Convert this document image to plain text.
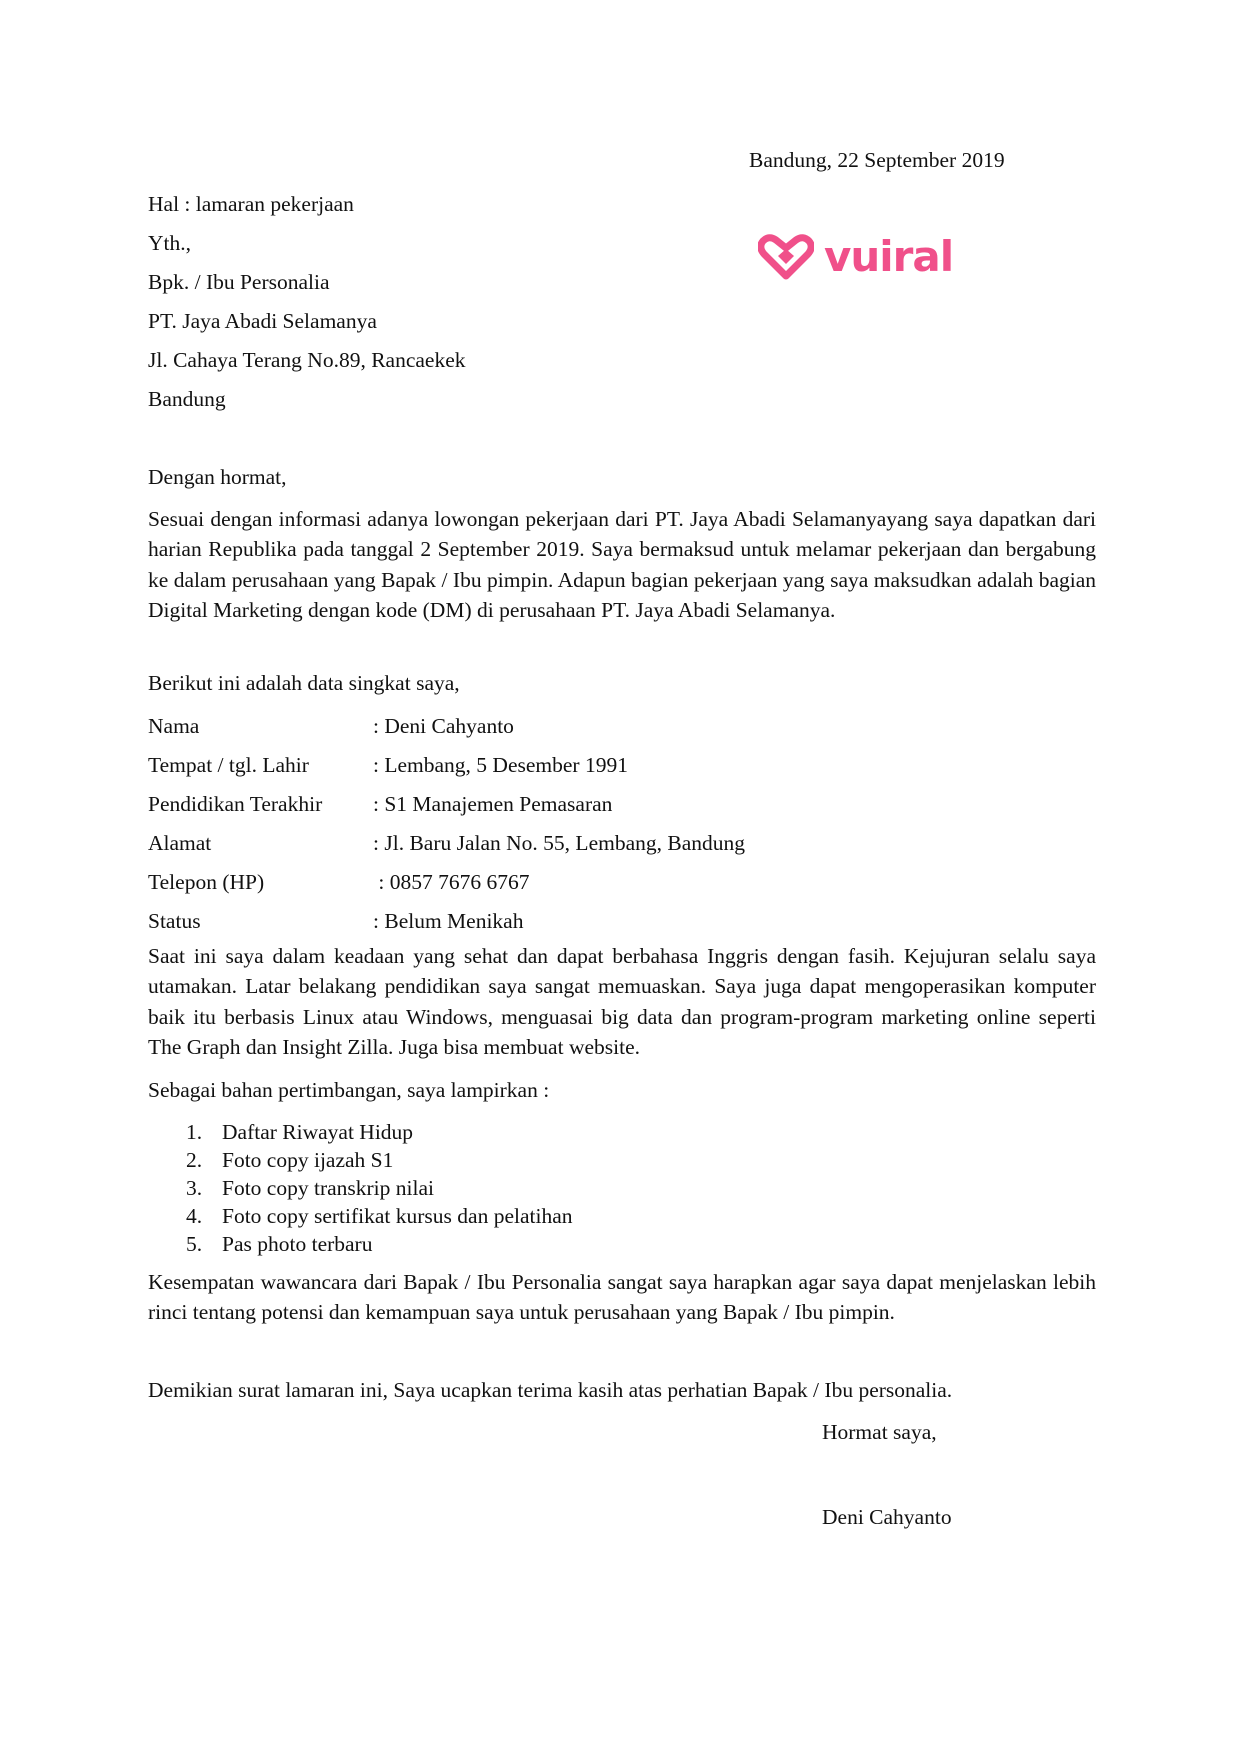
Bandung, 22 September 2019
Hal : lamaran pekerjaan
Yth.,
Bpk. / Ibu Personalia
PT. Jaya Abadi Selamanya
Jl. Cahaya Terang No.89, Rancaekek
Bandung
vuiral
Dengan hormat,
Sesuai dengan informasi adanya lowongan pekerjaan dari PT. Jaya Abadi Selamanyayang saya dapatkan dari harian Republika pada tanggal 2 September 2019. Saya bermaksud untuk melamar pekerjaan dan bergabung ke dalam perusahaan yang Bapak / Ibu pimpin. Adapun bagian pekerjaan yang saya maksudkan adalah bagian Digital Marketing dengan kode (DM) di perusahaan PT. Jaya Abadi Selamanya.
Berikut ini adalah data singkat saya,
Nama	: Deni Cahyanto
Tempat / tgl. Lahir	: Lembang, 5 Desember 1991
Pendidikan Terakhir : S1 Manajemen Pemasaran
Alamat	: Jl. Baru Jalan No. 55, Lembang, Bandung
Telepon (HP)	: 0857 7676 6767
Status	: Belum Menikah
Saat ini saya dalam keadaan yang sehat dan dapat berbahasa Inggris dengan fasih. Kejujuran selalu saya utamakan. Latar belakang pendidikan saya sangat memuaskan. Saya juga dapat mengoperasikan komputer baik itu berbasis Linux atau Windows, menguasai big data dan program-program marketing online seperti The Graph dan Insight Zilla. Juga bisa membuat website.
Sebagai bahan pertimbangan, saya lampirkan :
1. Daftar Riwayat Hidup
2. Foto copy ijazah S1
3. Foto copy transkrip nilai
4. Foto copy sertifikat kursus dan pelatihan
5. Pas photo terbaru
Kesempatan wawancara dari Bapak / Ibu Personalia sangat saya harapkan agar saya dapat menjelaskan lebih rinci tentang potensi dan kemampuan saya untuk perusahaan yang Bapak / Ibu pimpin.
Demikian surat lamaran ini, Saya ucapkan terima kasih atas perhatian Bapak / Ibu personalia.
Hormat saya,
Deni Cahyanto
